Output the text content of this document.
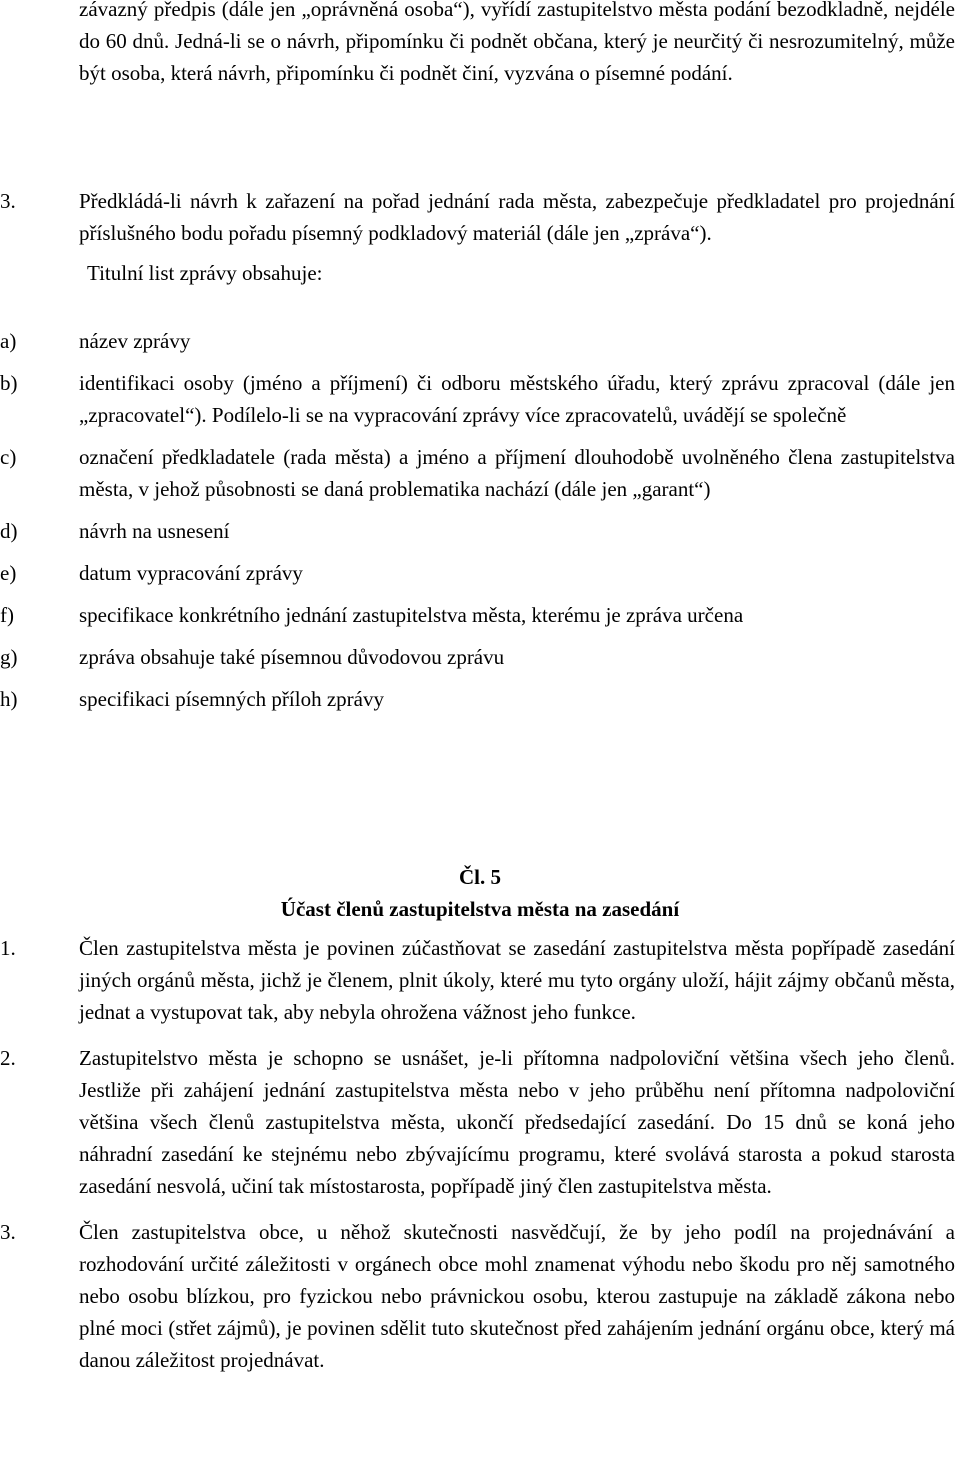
závazný předpis (dále jen „oprávněná osoba“), vyřídí zastupitelstvo města podání bezodkladně, nejdéle do 60 dnů. Jedná-li se o návrh, připomínku či podnět občana, který je neurčitý či nesrozumitelný, může být osoba, která návrh, připomínku či podnět činí, vyzvána o písemné podání.
3.	Předkládá-li návrh k zařazení na pořad jednání rada města, zabezpečuje předkladatel pro projednání příslušného bodu pořadu písemný podkladový materiál (dále jen „zpráva“).
Titulní list zprávy obsahuje:
a)	název zprávy
b)	identifikaci osoby (jméno a příjmení) či odboru městského úřadu, který zprávu zpracoval (dále jen „zpracovatel“). Podílelo-li se na vypracování zprávy více zpracovatelů, uvádějí se společně
c)	označení předkladatele (rada města) a jméno a příjmení dlouhodobě uvolněného člena zastupitelstva města, v jehož působnosti se daná problematika nachází (dále jen „garant“)
d)	návrh na usnesení
e)	datum vypracování zprávy
f)	specifikace konkrétního jednání zastupitelstva města, kterému je zpráva určena
g)	zpráva obsahuje také písemnou důvodovou zprávu
h)	specifikaci písemných příloh zprávy
Čl. 5
Účast členů zastupitelstva města na zasedání
1.	Člen zastupitelstva města je povinen zúčastňovat se zasedání zastupitelstva města popřípadě zasedání jiných orgánů města, jichž je členem, plnit úkoly, které mu tyto orgány uloží, hájit zájmy občanů města, jednat a vystupovat tak, aby nebyla ohrožena vážnost jeho funkce.
2.	Zastupitelstvo města je schopno se usnášet, je-li přítomna nadpoloviční většina všech jeho členů. Jestliže při zahájení jednání zastupitelstva města nebo v jeho průběhu není přítomna nadpoloviční většina všech členů zastupitelstva města, ukončí předsedající zasedání. Do 15 dnů se koná jeho náhradní zasedání ke stejnému nebo zbývajícímu programu, které svolává starosta a pokud starosta zasedání nesvolá, učiní tak místostarosta, popřípadě jiný člen zastupitelstva města.
3.	Člen zastupitelstva obce, u něhož skutečnosti nasvědčují, že by jeho podíl na projednávání a rozhodování určité záležitosti v orgánech obce mohl znamenat výhodu nebo škodu pro něj samotného nebo osobu blízkou, pro fyzickou nebo právnickou osobu, kterou zastupuje na základě zákona nebo plné moci (střet zájmů), je povinen sdělit tuto skutečnost před zahájením jednání orgánu obce, který má danou záležitost projednávat.
